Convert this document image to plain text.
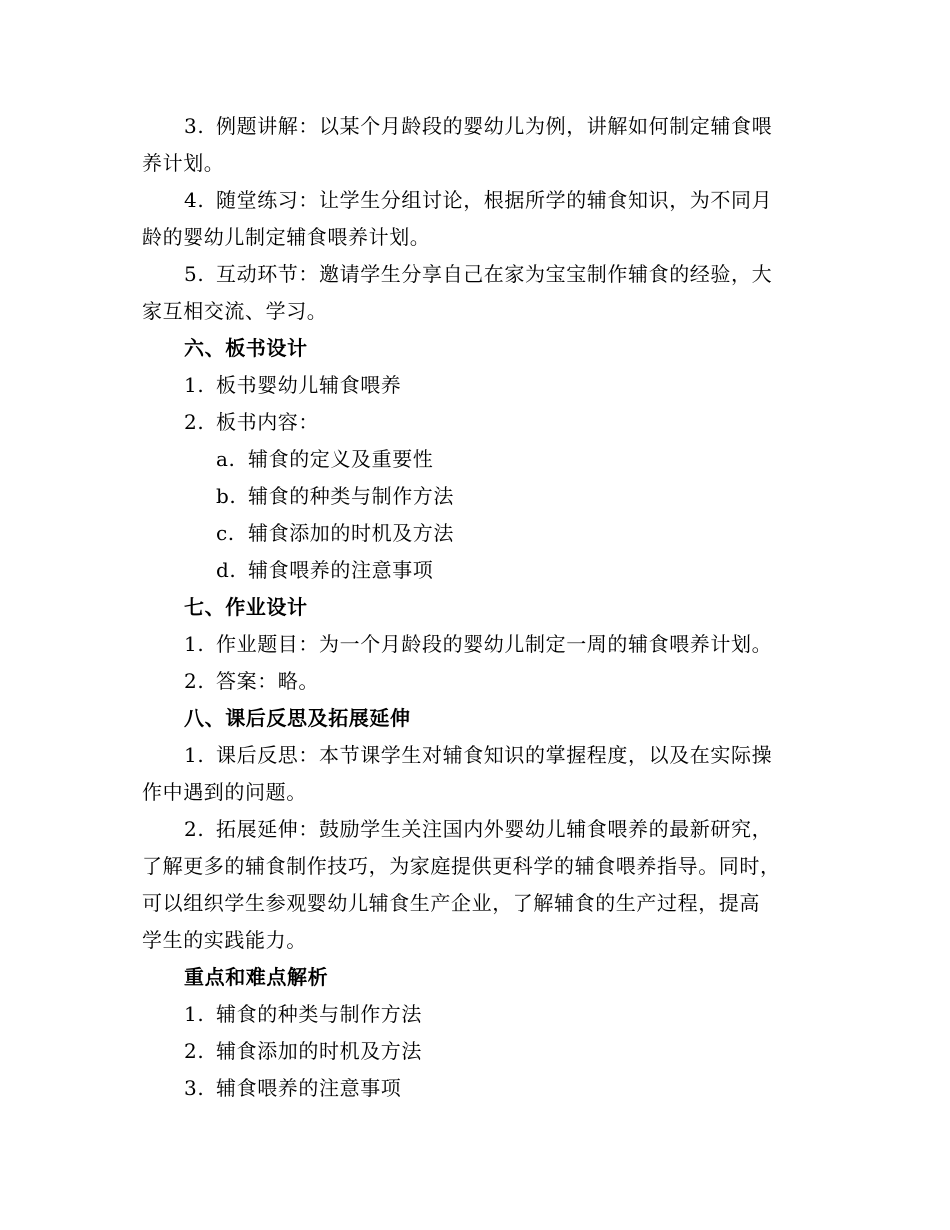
3. 例题讲解：以某个月龄段的婴幼儿为例，讲解如何制定辅食喂
养计划。
4. 随堂练习：让学生分组讨论，根据所学的辅食知识，为不同月
龄的婴幼儿制定辅食喂养计划。
5. 互动环节：邀请学生分享自己在家为宝宝制作辅食的经验，大
家互相交流、学习。
六、板书设计
1. 板书婴幼儿辅食喂养
2. 板书内容：
a. 辅食的定义及重要性
b. 辅食的种类与制作方法
c. 辅食添加的时机及方法
d. 辅食喂养的注意事项
七、作业设计
1. 作业题目：为一个月龄段的婴幼儿制定一周的辅食喂养计划。
2. 答案：略。
八、课后反思及拓展延伸
1. 课后反思：本节课学生对辅食知识的掌握程度，以及在实际操
作中遇到的问题。
2. 拓展延伸：鼓励学生关注国内外婴幼儿辅食喂养的最新研究，
了解更多的辅食制作技巧，为家庭提供更科学的辅食喂养指导。同时，
可以组织学生参观婴幼儿辅食生产企业，了解辅食的生产过程，提高
学生的实践能力。
重点和难点解析
1. 辅食的种类与制作方法
2. 辅食添加的时机及方法
3. 辅食喂养的注意事项
